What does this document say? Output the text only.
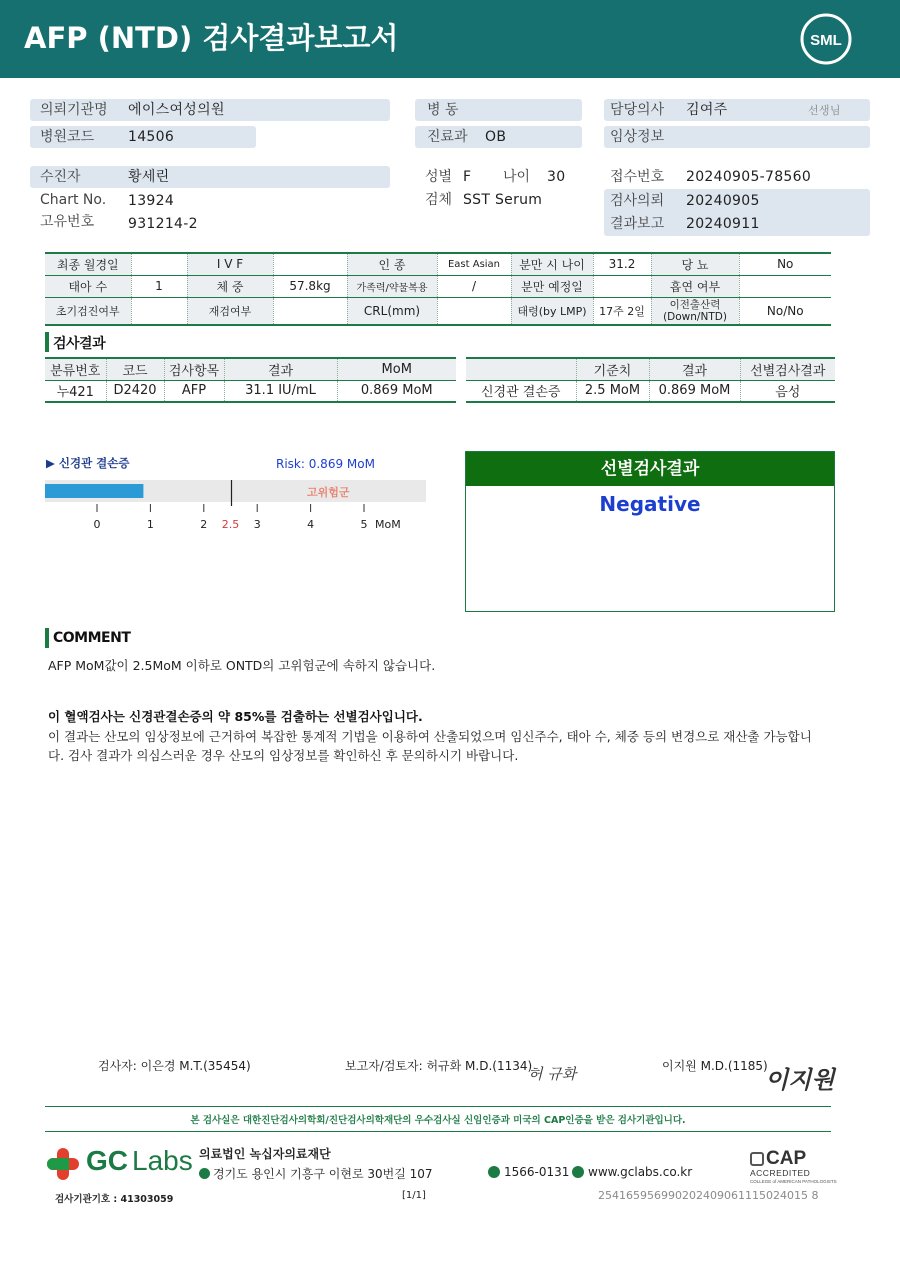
AFP (NTD) 검사결과보고서	SML
의뢰기관명 에이스여성의원
병원코드 14506
병 동
진료과 OB
담당의사 김여주	선생님
임상정보
수진자	황세린
Chart No. 13924
고유번호 931214-2
성별 F 나이 30
검체 SST Serum
접수번호 20240905-78560
검사의뢰 20240905
결과보고 20240911
최종 월경일		I V F		인 종	East Asian	분만 시 나이	31.2	당 뇨	No
태아 수	1	체 중	57.8kg	가족력/약물복용	/	분만 예정일		흡연 여부	
초기검진여부		재검여부		CRL(mm)		태령(by LMP)	17주 2일	이전출산력 (Down/NTD)	No/No
검사결과
분류번호	코드	검사항목	결과	MoM
누421	D2420	AFP	31.1 IU/mL	0.869 MoM
	기준치	결과	선별검사결과
신경관 결손증	2.5 MoM	0.869 MoM	음성
▶ 신경관 결손증	Risk: 0.869 MoM
고위험군
0	1	2 2.5 3	4	5 MoM
선별검사결과
Negative
COMMENT
AFP MoM값이 2.5MoM 이하로 ONTD의 고위험군에 속하지 않습니다.
이 혈액검사는 신경관결손증의 약 85%를 검출하는 선별검사입니다.
이 결과는 산모의 임상정보에 근거하여 복잡한 통계적 기법을 이용하여 산출되었으며 임신주수, 태아 수, 체중 등의 변경으로 재산출 가능합니
다. 검사 결과가 의심스러운 경우 산모의 임상정보를 확인하신 후 문의하시기 바랍니다.
검사자: 이은경 M.T.(35454)	보고자/검토자: 허규화 M.D.(1134)
허 규화	이지원 M.D.(1185)
이지원
본 검사실은 대한진단검사의학회/진단검사의학재단의 우수검사실 신임인증과 미국의 CAP인증을 받은 검사기관입니다.
GC Labs 의료법인 녹십자의료재단
경기도 용인시 기흥구 이현로 30번길 107	1566-0131	www.gclabs.co.kr
CAP
ACCREDITED
COLLEGE of AMERICAN PATHOLOGISTS
검사기관기호 : 41303059	[1/1]	254165956990202409061115024015 8
